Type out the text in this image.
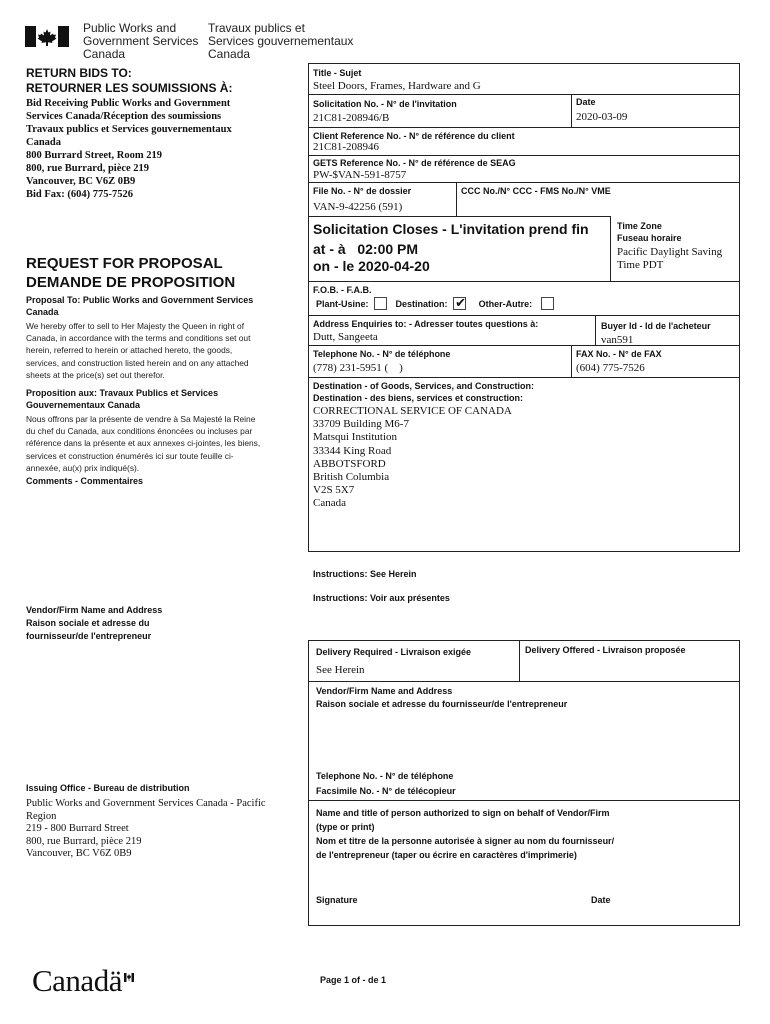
Public Works and
Government Services
Canada
Travaux publics et
Services gouvernementaux
Canada
RETURN BIDS TO:
RETOURNER LES SOUMISSIONS À:
Bid Receiving Public Works and Government
Services Canada/Réception des soumissions
Travaux publics et Services gouvernementaux
Canada
800 Burrard Street, Room 219
800, rue Burrard, pièce 219
Vancouver, BC V6Z 0B9
Bid Fax: (604) 775-7526
REQUEST FOR PROPOSAL
DEMANDE DE PROPOSITION
Proposal To: Public Works and Government Services Canada
We hereby offer to sell to Her Majesty the Queen in right of Canada, in accordance with the terms and conditions set out herein, referred to herein or attached hereto, the goods, services, and construction listed herein and on any attached sheets at the price(s) set out therefor.
Proposition aux: Travaux Publics et Services Gouvernementaux Canada
Nous offrons par la présente de vendre à Sa Majesté la Reine du chef du Canada, aux conditions énoncées ou incluses par référence dans la présente et aux annexes ci-jointes, les biens, services et construction énumérés ici sur toute feuille ci-annexée, au(x) prix indiqué(s).
Comments - Commentaires
Vendor/Firm Name and Address
Raison sociale et adresse du
fournisseur/de l'entrepreneur
Issuing Office - Bureau de distribution
Public Works and Government Services Canada - Pacific
Region
219 - 800 Burrard Street
800, rue Burrard, pièce 219
Vancouver, BC V6Z 0B9
Canadä	Page 1 of - de 1
Title - Sujet
Steel Doors, Frames, Hardware and G
Solicitation No. - N° de l'invitation
21C81-208946/B
Date
2020-03-09
Client Reference No. - N° de référence du client
21C81-208946
GETS Reference No. - N° de référence de SEAG
PW-$VAN-591-8757
File No. - N° de dossier
VAN-9-42256 (591)
CCC No./N° CCC - FMS No./N° VME
Solicitation Closes - L'invitation prend fin
at - à 02:00 PM
on - le 2020-04-20
Time Zone
Fuseau horaire
Pacific Daylight Saving Time PDT
F.O.B. - F.A.B.
Plant-Usine:	Destination: ✔	Other-Autre:
Address Enquiries to: - Adresser toutes questions à:
Dutt, Sangeeta
Buyer Id - Id de l'acheteur
van591
Telephone No. - N° de téléphone
(778) 231-5951 (    )
FAX No. - N° de FAX
(604) 775-7526
Destination - of Goods, Services, and Construction:
Destination - des biens, services et construction:
CORRECTIONAL SERVICE OF CANADA
33709 Building M6-7
Matsqui Institution
33344 King Road
ABBOTSFORD
British Columbia
V2S 5X7
Canada
Instructions: See Herein
Instructions: Voir aux présentes
Delivery Required - Livraison exigée
See Herein
Delivery Offered - Livraison proposée
Vendor/Firm Name and Address
Raison sociale et adresse du fournisseur/de l'entrepreneur
Telephone No. - N° de téléphone
Facsimile No. - N° de télécopieur
Name and title of person authorized to sign on behalf of Vendor/Firm
(type or print)
Nom et titre de la personne autorisée à signer au nom du fournisseur/
de l'entrepreneur (taper ou écrire en caractères d'imprimerie)
Signature	Date
